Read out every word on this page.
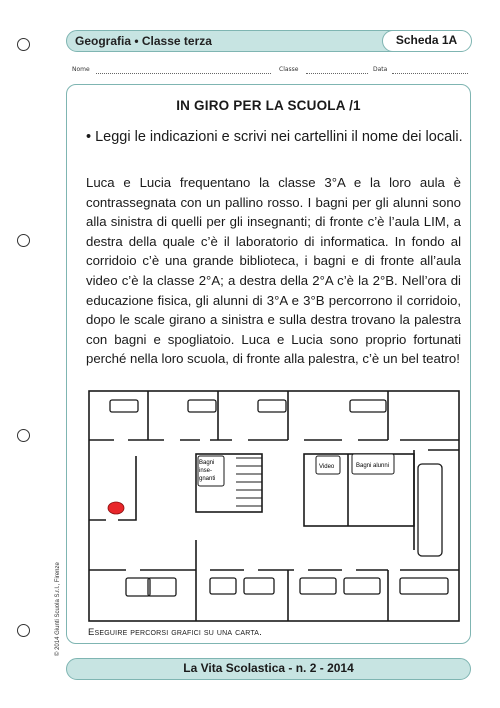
Geografia • Classe terza	Scheda 1A
Nome	Classe	Data
IN GIRO PER LA SCUOLA /1
• Leggi le indicazioni e scrivi nei cartellini il nome dei locali.
Luca e Lucia frequentano la classe 3°A e la loro aula è contrassegnata con un pallino rosso. I bagni per gli alunni sono alla sinistra di quelli per gli insegnanti; di fronte c’è l’aula LIM, a destra della quale c’è il laboratorio di informatica. In fondo al corridoio c’è una grande biblioteca, i bagni e di fronte all’aula video c’è la classe 2°A; a destra della 2°A c’è la 2°B. Nell’ora di educazione fisica, gli alunni di 3°A e 3°B percorrono il corridoio, dopo le scale girano a sinistra e sulla destra trovano la palestra con bagni e spogliatoio. Luca e Lucia sono proprio fortunati perché nella loro scuola, di fronte alla palestra, c’è un bel teatro!
Bagni
inse-
gnanti
Video	Bagni alunni
Eseguire percorsi grafici su una carta.
© 2014 Giunti Scuola S.r.l., Firenze
La Vita Scolastica - n. 2 - 2014
